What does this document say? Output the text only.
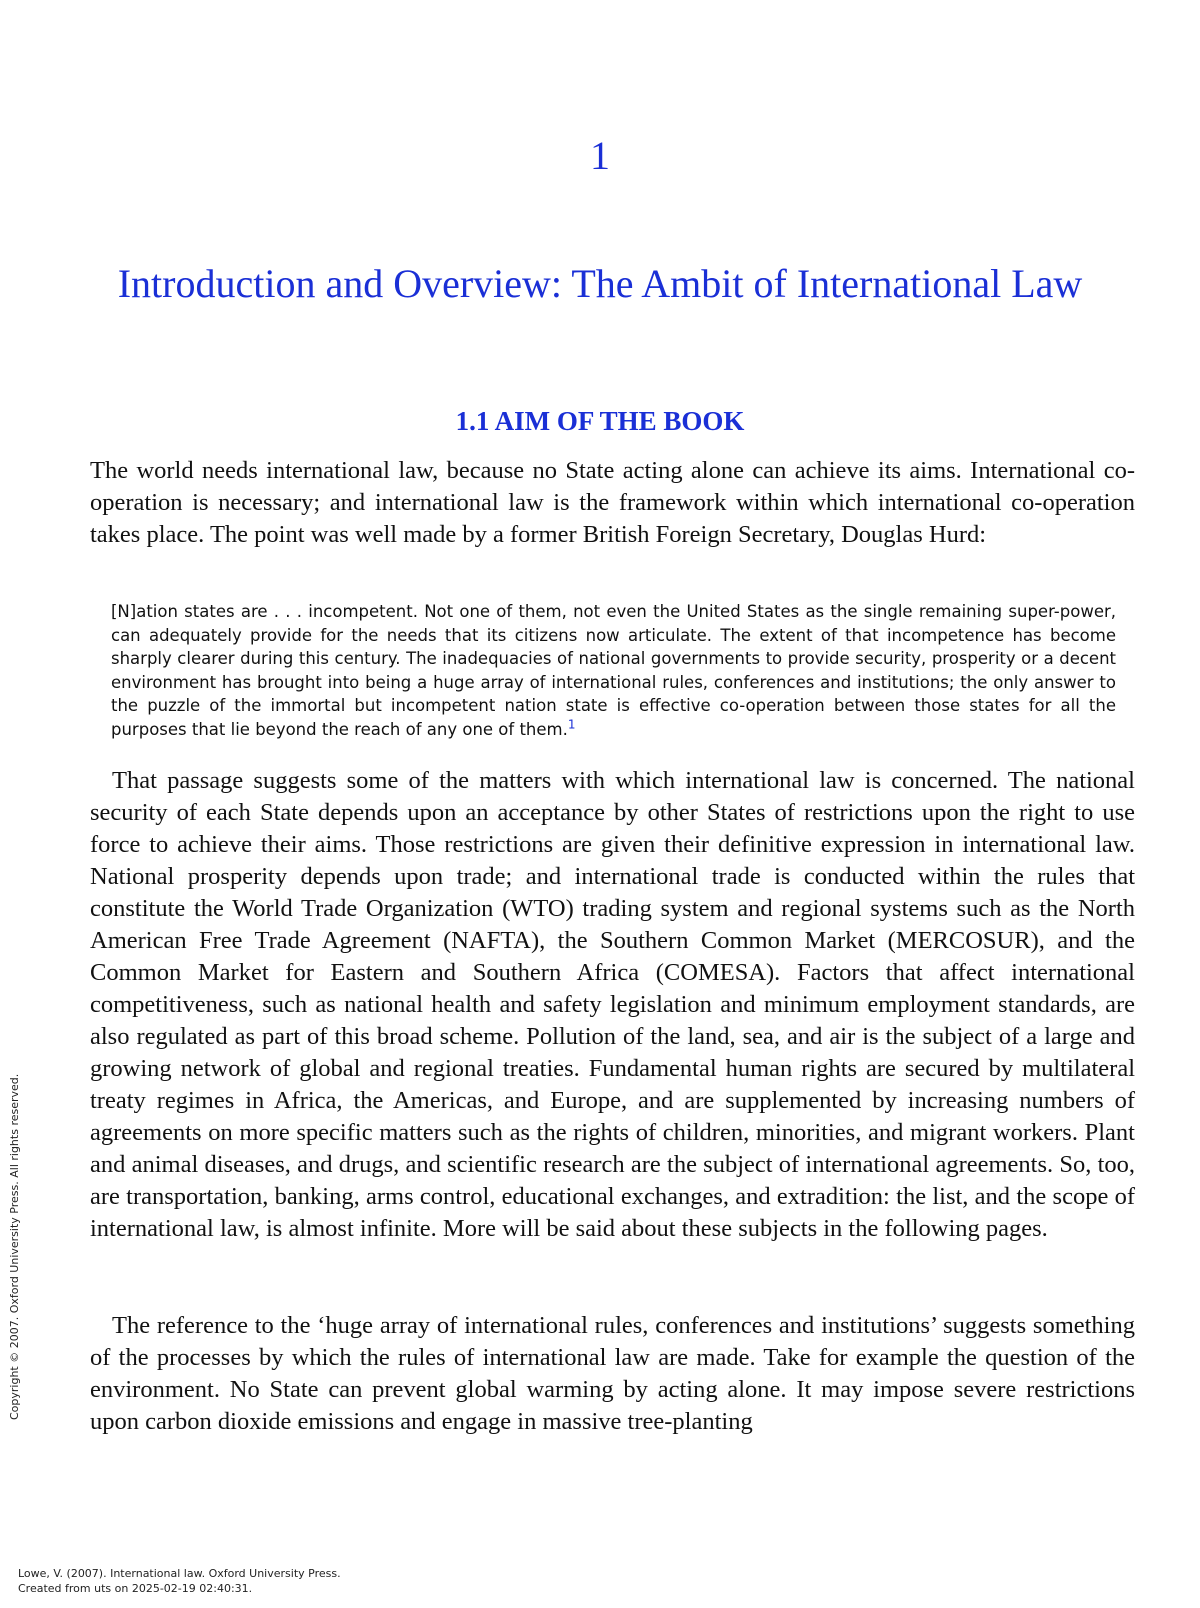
1
Introduction and Overview: The Ambit of International Law
1.1 AIM OF THE BOOK

The world needs international law, because no State acting alone can achieve its aims. International co-operation is necessary; and international law is the framework within which international co-operation takes place. The point was well made by a former British Foreign Secretary, Douglas Hurd:

[N]ation states are . . . incompetent. Not one of them, not even the United States as the single remaining super-power, can adequately provide for the needs that its citizens now articulate. The extent of that incompetence has become sharply clearer during this century. The inadequacies of national governments to provide security, prosperity or a decent environment has brought into being a huge array of international rules, conferences and institutions; the only answer to the puzzle of the immortal but incompetent nation state is effective co-operation between those states for all the purposes that lie beyond the reach of any one of them.$^1$

That passage suggests some of the matters with which international law is concerned. The national security of each State depends upon an acceptance by other States of restrictions upon the right to use force to achieve their aims. Those restrictions are given their definitive expression in international law. National prosperity depends upon trade; and international trade is conducted within the rules that constitute the World Trade Organization (WTO) trading system and regional systems such as the North American Free Trade Agreement (NAFTA), the Southern Common Market (MERCOSUR), and the Common Market for Eastern and Southern Africa (COMESA). Factors that affect international competitiveness, such as national health and safety legislation and minimum employment standards, are also regulated as part of this broad scheme. Pollution of the land, sea, and air is the subject of a large and growing network of global and regional treaties. Fundamental human rights are secured by multilateral treaty regimes in Africa, the Americas, and Europe, and are supplemented by increasing numbers of agreements on more specific matters such as the rights of children, minorities, and migrant workers. Plant and animal diseases, and drugs, and scientific research are the subject of international agreements. So, too, are transportation, banking, arms control, educational exchanges, and extradition: the list, and the scope of international law, is almost infinite. More will be said about these subjects in the following pages.

The reference to the ‘huge array of international rules, conferences and institutions’ suggests something of the processes by which the rules of international law are made. Take for example the question of the environment. No State can prevent global warming by acting alone. It may impose severe restrictions upon carbon dioxide emissions and engage in massive tree-planting

Copyright © 2007. Oxford University Press. All rights reserved.
Lowe, V. (2007). International law. Oxford University Press.
Created from uts on 2025-02-19 02:40:31.
